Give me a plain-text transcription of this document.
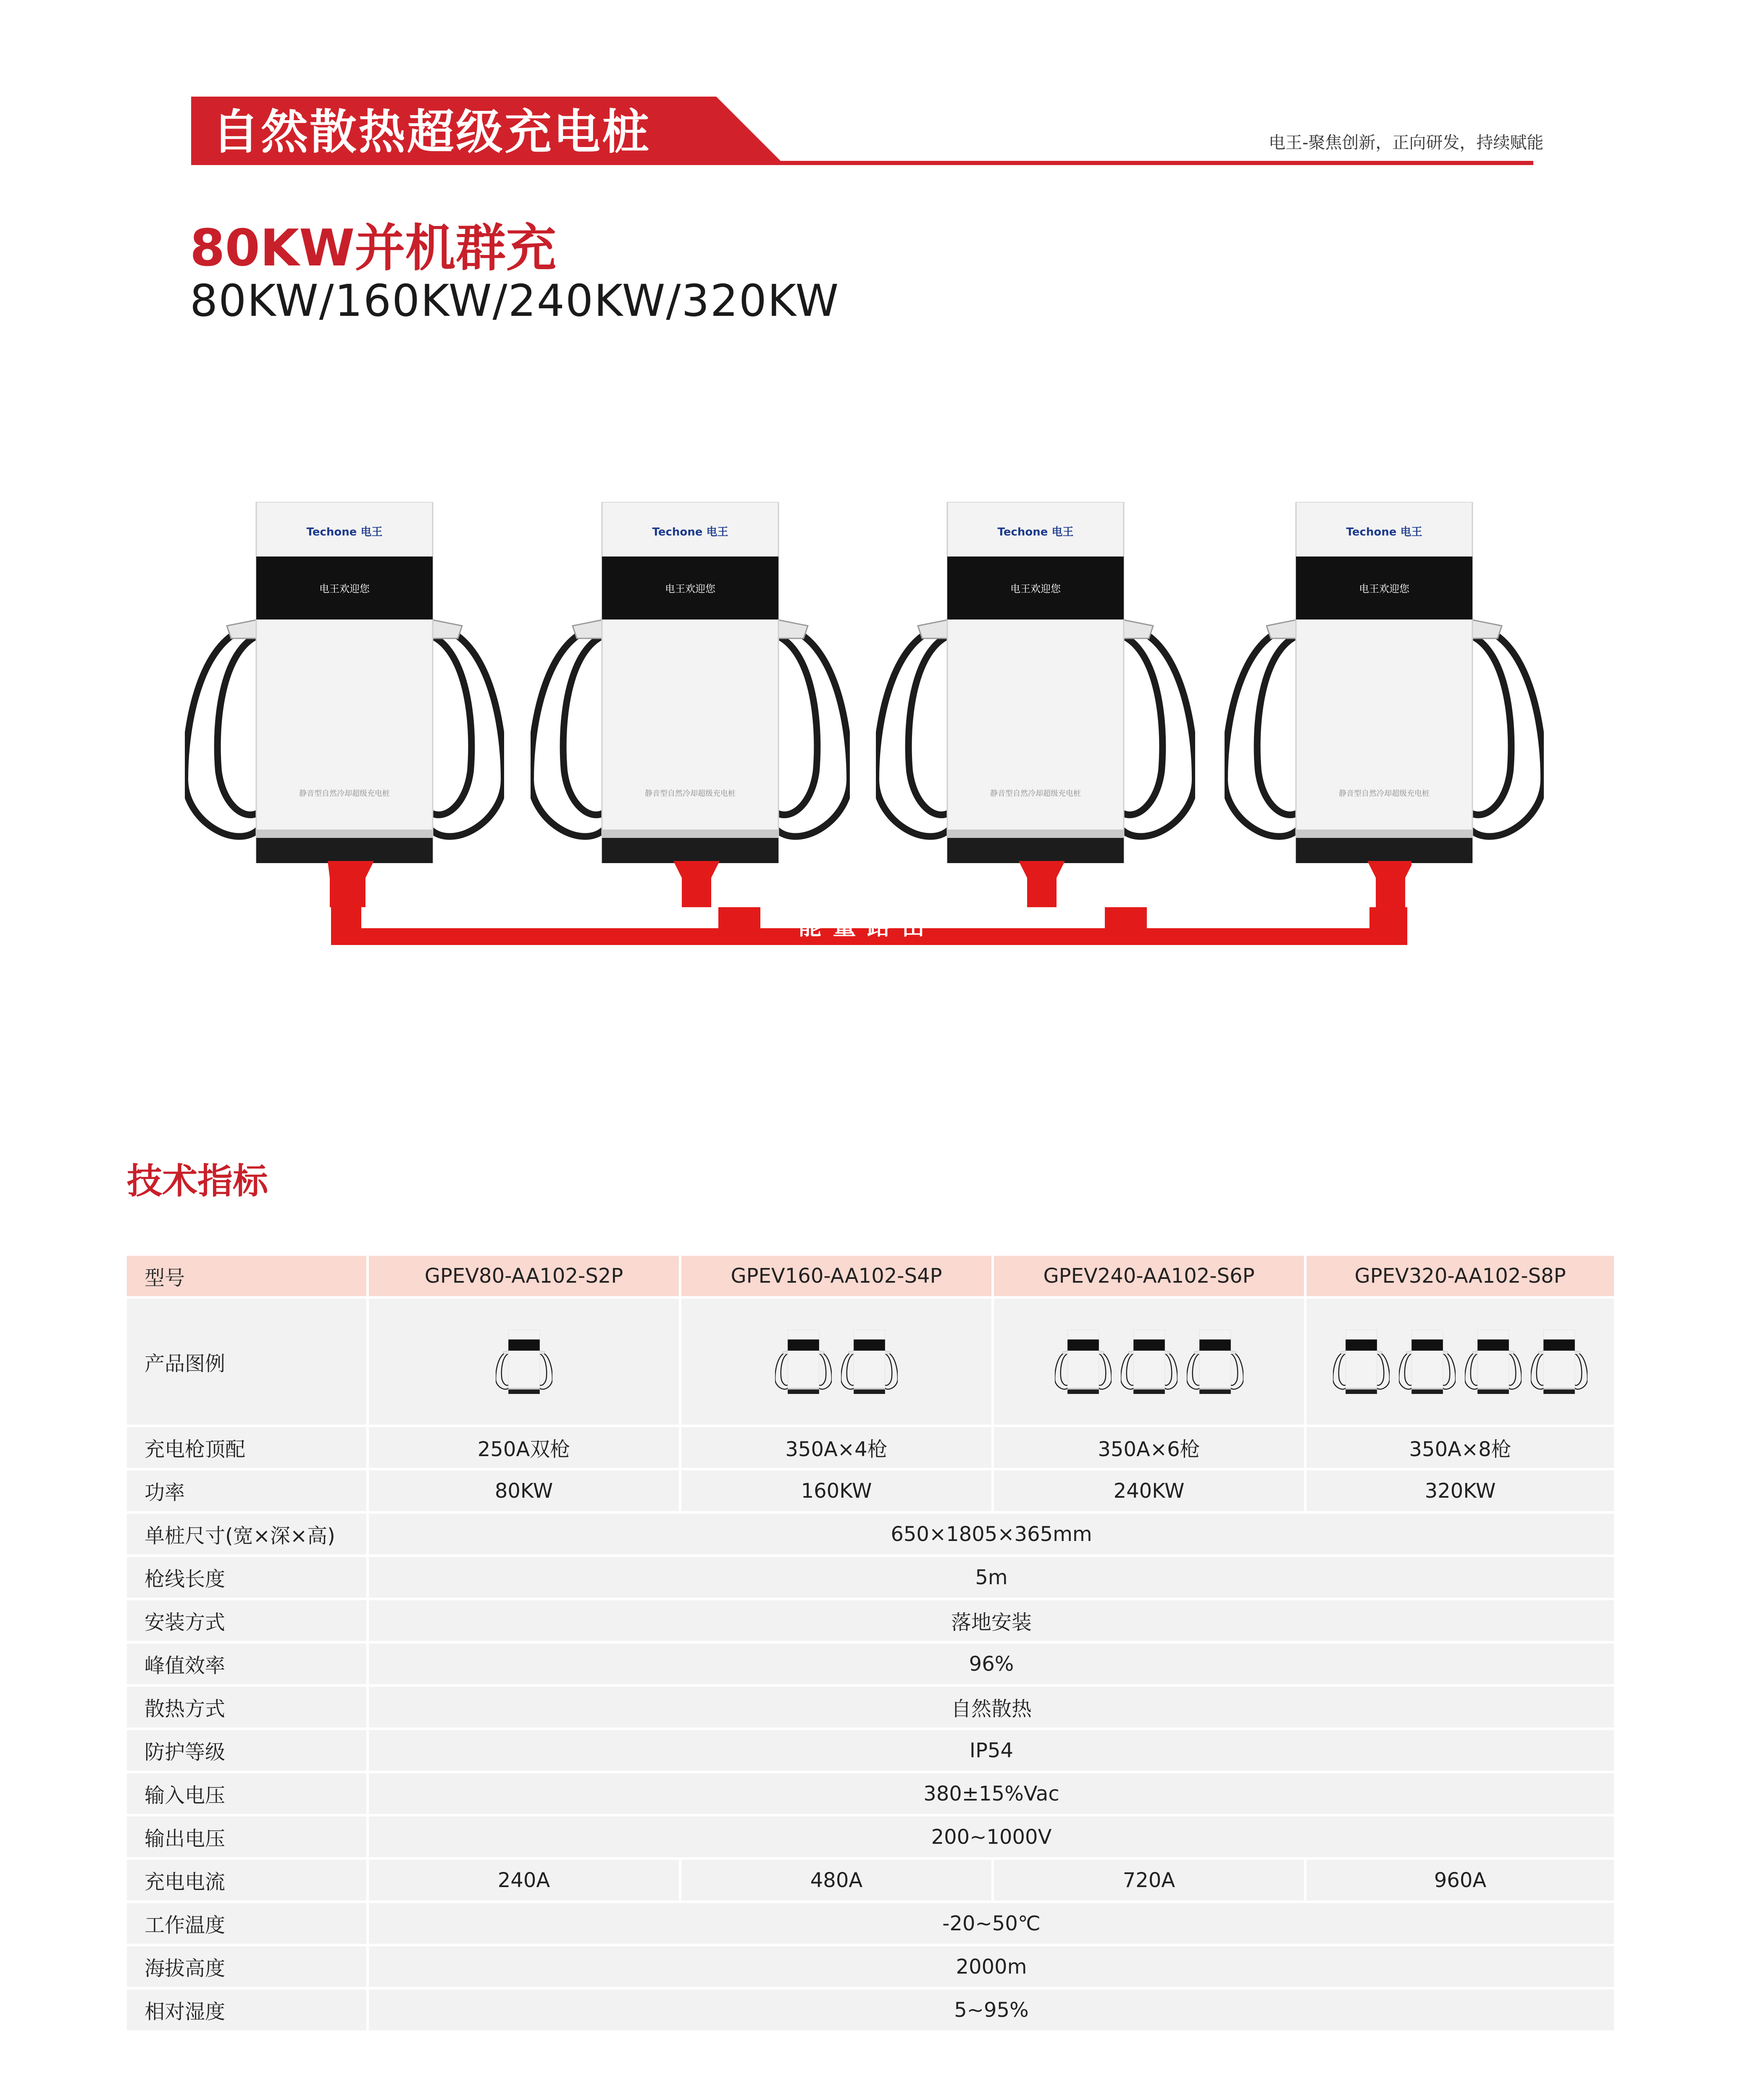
自然散热超级充电桩	电王-聚焦创新，正向研发，持续赋能
80KW并机群充
80KW/160KW/240KW/320KW
Techone 电王
电王欢迎您
静音型自然冷却超级充电桩
Techone 电王
电王欢迎您
静音型自然冷却超级充电桩
Techone 电王
电王欢迎您
静音型自然冷却超级充电桩
Techone 电王
电王欢迎您
静音型自然冷却超级充电桩
能量路由
技术指标
型号	GPEV80-AA102-S2P	GPEV160-AA102-S4P	GPEV240-AA102-S6P	GPEV320-AA102-S8P
产品图例
充电枪顶配	250A双枪	350A×4枪	350A×6枪	350A×8枪
功率	80KW	160KW	240KW	320KW
单桩尺寸(宽×深×高)	650×1805×365mm
枪线长度	5m
安装方式	落地安装
峰值效率	96%
散热方式	自然散热
防护等级	IP54
输入电压	380±15%Vac
输出电压	200~1000V
充电电流	240A	480A	720A	960A
工作温度	-20~50℃
海拔高度	2000m
相对湿度	5~95%
